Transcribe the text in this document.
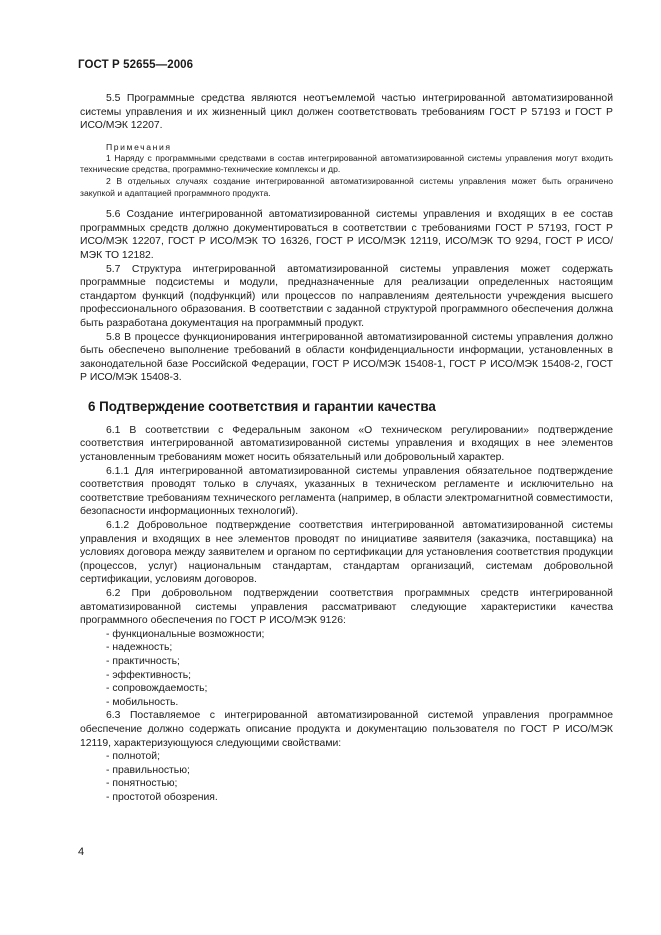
ГОСТ Р 52655—2006

5.5 Программные средства являются неотъемлемой частью интегрированной автоматизированной системы управления и их жизненный цикл должен соответствовать требованиям ГОСТ Р 57193 и ГОСТ Р ИСО/МЭК 12207.

Примечания

1 Наряду с программными средствами в состав интегрированной автоматизированной системы управления могут входить технические средства, программно-технические комплексы и др.

2 В отдельных случаях создание интегрированной автоматизированной системы управления может быть ограничено закупкой и адаптацией программного продукта.

5.6 Создание интегрированной автоматизированной системы управления и входящих в ее состав программных средств должно документироваться в соответствии с требованиями ГОСТ Р 57193, ГОСТ Р ИСО/МЭК 12207, ГОСТ Р ИСО/МЭК ТО 16326, ГОСТ Р ИСО/МЭК 12119, ИСО/МЭК ТО 9294, ГОСТ Р ИСО/МЭК ТО 12182.

5.7 Структура интегрированной автоматизированной системы управления может содержать программные подсистемы и модули, предназначенные для реализации определенных настоящим стандартом функций (подфункций) или процессов по направлениям деятельности учреждения высшего профессионального образования. В соответствии с заданной структурой программного обеспечения должна быть разработана документация на программный продукт.

5.8 В процессе функционирования интегрированной автоматизированной системы управления должно быть обеспечено выполнение требований в области конфиденциальности информации, установленных в законодательной базе Российской Федерации, ГОСТ Р ИСО/МЭК 15408-1, ГОСТ Р ИСО/МЭК 15408-2, ГОСТ Р ИСО/МЭК 15408-3.

6 Подтверждение соответствия и гарантии качества

6.1 В соответствии с Федеральным законом «О техническом регулировании» подтверждение соответствия интегрированной автоматизированной системы управления и входящих в нее элементов установленным требованиям может носить обязательный или добровольный характер.

6.1.1 Для интегрированной автоматизированной системы управления обязательное подтверждение соответствия проводят только в случаях, указанных в техническом регламенте и исключительно на соответствие требованиям технического регламента (например, в области электромагнитной совместимости, безопасности информационных технологий).

6.1.2 Добровольное подтверждение соответствия интегрированной автоматизированной системы управления и входящих в нее элементов проводят по инициативе заявителя (заказчика, поставщика) на условиях договора между заявителем и органом по сертификации для установления соответствия продукции (процессов, услуг) национальным стандартам, стандартам организаций, системам добровольной сертификации, условиям договоров.

6.2 При добровольном подтверждении соответствия программных средств интегрированной автоматизированной системы управления рассматривают следующие характеристики качества программного обеспечения по ГОСТ Р ИСО/МЭК 9126:

- функциональные возможности;
- надежность;
- практичность;
- эффективность;
- сопровождаемость;
- мобильность.

6.3 Поставляемое с интегрированной автоматизированной системой управления программное обеспечение должно содержать описание продукта и документацию пользователя по ГОСТ Р ИСО/МЭК 12119, характеризующуюся следующими свойствами:

- полнотой;
- правильностью;
- понятностью;
- простотой обозрения.
4
